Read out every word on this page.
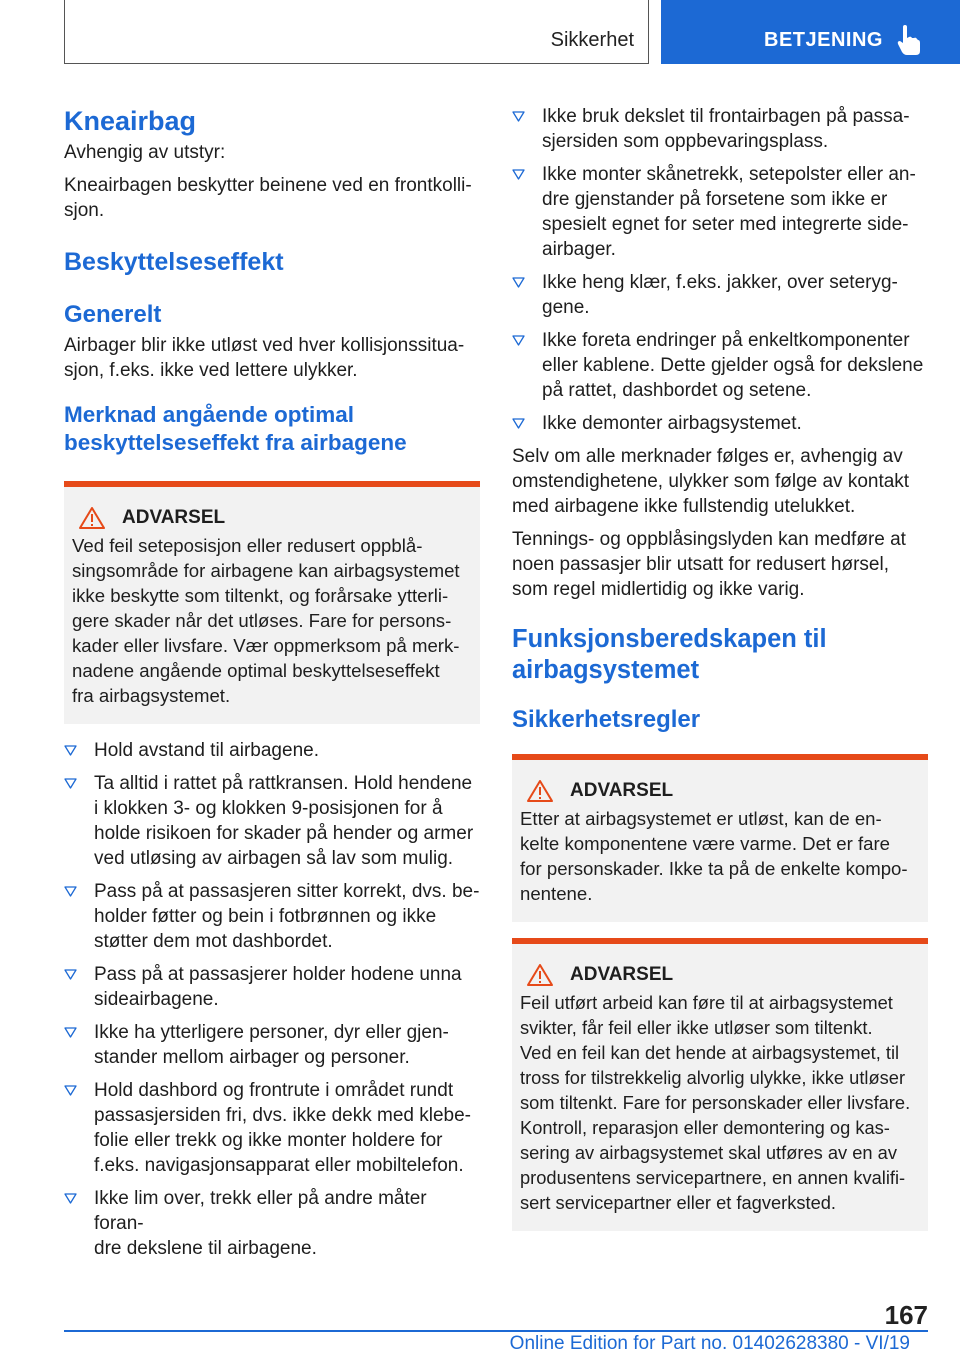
Sikkerhet	BETJENING
Kneairbag
Avhengig av utstyr:
Kneairbagen beskytter beinene ved en frontkolli-
sjon.
Beskyttelseseffekt
Generelt
Airbager blir ikke utløst ved hver kollisjonssitua-
sjon, f.eks. ikke ved lettere ulykker.
Merknad angående optimal
beskyttelseseffekt fra airbagene
ADVARSEL
Ved feil seteposisjon eller redusert oppblå-
singsområde for airbagene kan airbagsystemet
ikke beskytte som tiltenkt, og forårsake ytterli-
gere skader når det utløses. Fare for persons-
kader eller livsfare. Vær oppmerksom på merk-
nadene angående optimal beskyttelseseffekt
fra airbagsystemet.
Hold avstand til airbagene.
Ta alltid i rattet på rattkransen. Hold hendene
i klokken 3- og klokken 9-posisjonen for å
holde risikoen for skader på hender og armer
ved utløsing av airbagen så lav som mulig.
Pass på at passasjeren sitter korrekt, dvs. be-
holder føtter og bein i fotbrønnen og ikke
støtter dem mot dashbordet.
Pass på at passasjerer holder hodene unna
sideairbagene.
Ikke ha ytterligere personer, dyr eller gjen-
stander mellom airbager og personer.
Hold dashbord og frontrute i området rundt
passasjersiden fri, dvs. ikke dekk med klebe-
folie eller trekk og ikke monter holdere for
f.eks. navigasjonsapparat eller mobiltelefon.
Ikke lim over, trekk eller på andre måter foran-
dre dekslene til airbagene.
Ikke bruk dekslet til frontairbagen på passa-
sjersiden som oppbevaringsplass.
Ikke monter skånetrekk, setepolster eller an-
dre gjenstander på forsetene som ikke er
spesielt egnet for seter med integrerte side-
airbager.
Ikke heng klær, f.eks. jakker, over seteryg-
gene.
Ikke foreta endringer på enkeltkomponenter
eller kablene. Dette gjelder også for dekslene
på rattet, dashbordet og setene.
Ikke demonter airbagsystemet.
Selv om alle merknader følges er, avhengig av
omstendighetene, ulykker som følge av kontakt
med airbagene ikke fullstendig utelukket.
Tennings- og oppblåsingslyden kan medføre at
noen passasjer blir utsatt for redusert hørsel,
som regel midlertidig og ikke varig.
Funksjonsberedskapen til
airbagsystemet
Sikkerhetsregler
ADVARSEL
Etter at airbagsystemet er utløst, kan de en-
kelte komponentene være varme. Det er fare
for personskader. Ikke ta på de enkelte kompo-
nentene.
ADVARSEL
Feil utført arbeid kan føre til at airbagsystemet
svikter, får feil eller ikke utløser som tiltenkt.
Ved en feil kan det hende at airbagsystemet, til
tross for tilstrekkelig alvorlig ulykke, ikke utløser
som tiltenkt. Fare for personskader eller livsfare.
Kontroll, reparasjon eller demontering og kas-
sering av airbagsystemet skal utføres av en av
produsentens servicepartnere, en annen kvalifi-
sert servicepartner eller et fagverksted.
167
Online Edition for Part no. 01402628380 - VI/19
